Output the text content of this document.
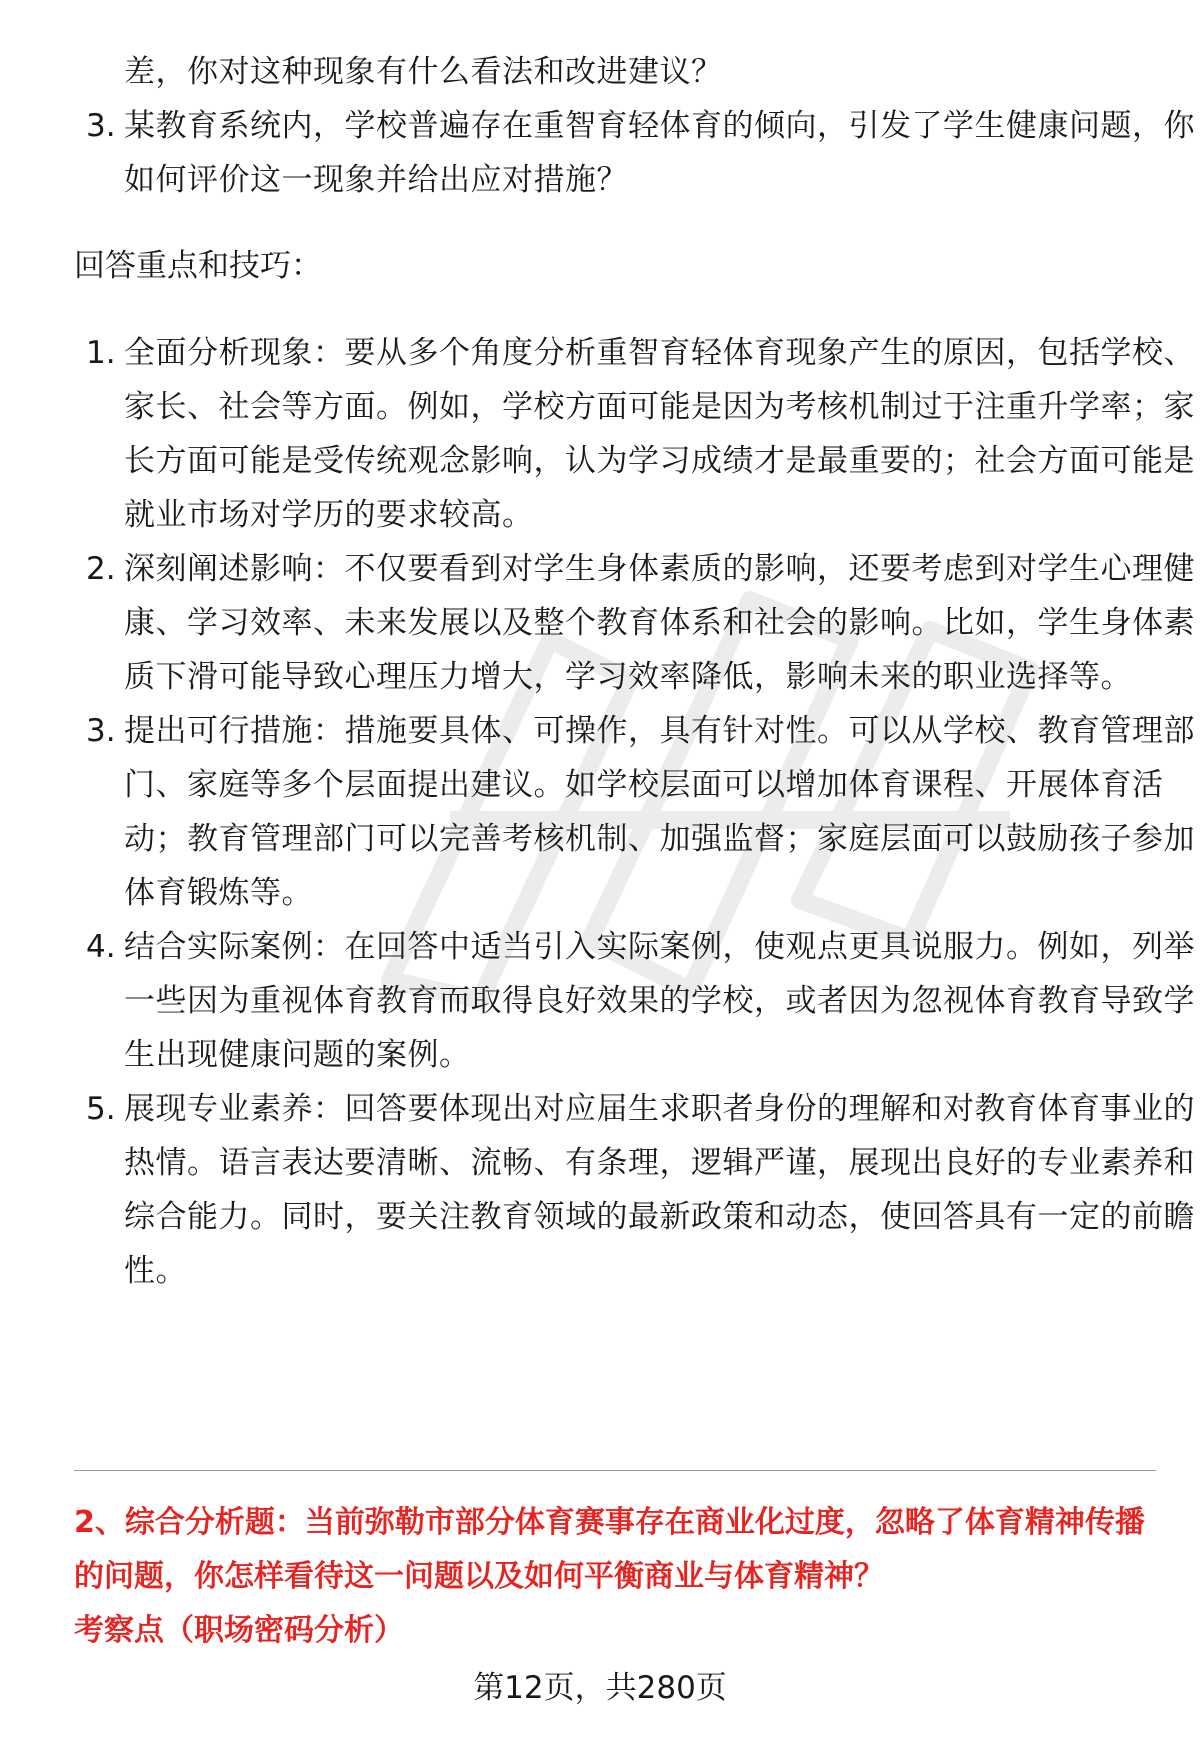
差，你对这种现象有什么看法和改进建议？
3. 某教育系统内，学校普遍存在重智育轻体育的倾向，引发了学生健康问题，你
如何评价这一现象并给出应对措施？
回答重点和技巧：
1. 全面分析现象：要从多个角度分析重智育轻体育现象产生的原因，包括学校、
家长、社会等方面。例如，学校方面可能是因为考核机制过于注重升学率；家
长方面可能是受传统观念影响，认为学习成绩才是最重要的；社会方面可能是
就业市场对学历的要求较高。
2. 深刻阐述影响：不仅要看到对学生身体素质的影响，还要考虑到对学生心理健
康、学习效率、未来发展以及整个教育体系和社会的影响。比如，学生身体素
质下滑可能导致心理压力增大，学习效率降低，影响未来的职业选择等。
3. 提出可行措施：措施要具体、可操作，具有针对性。可以从学校、教育管理部
门、家庭等多个层面提出建议。如学校层面可以增加体育课程、开展体育活
动；教育管理部门可以完善考核机制、加强监督；家庭层面可以鼓励孩子参加
体育锻炼等。
4. 结合实际案例：在回答中适当引入实际案例，使观点更具说服力。例如，列举
一些因为重视体育教育而取得良好效果的学校，或者因为忽视体育教育导致学
生出现健康问题的案例。
5. 展现专业素养：回答要体现出对应届生求职者身份的理解和对教育体育事业的
热情。语言表达要清晰、流畅、有条理，逻辑严谨，展现出良好的专业素养和
综合能力。同时，要关注教育领域的最新政策和动态，使回答具有一定的前瞻
性。
2、综合分析题：当前弥勒市部分体育赛事存在商业化过度，忽略了体育精神传播
的问题，你怎样看待这一问题以及如何平衡商业与体育精神？
考察点（职场密码分析）
第12页，共280页
